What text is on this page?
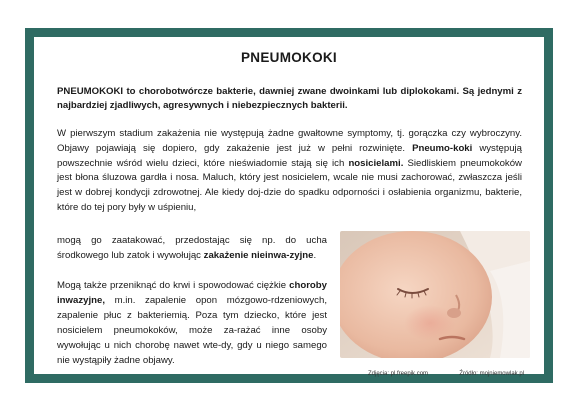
PNEUMOKOKI

PNEUMOKOKI to chorobotwórcze bakterie, dawniej zwane dwoinkami lub diplokokami. Są jednymi z najbardziej zjadliwych, agresywnych i niebezpiecznych bakterii.

W pierwszym stadium zakażenia nie występują żadne gwałtowne symptomy, tj. gorączka czy wybroczyny. Objawy pojawiają się dopiero, gdy zakażenie jest już w pełni rozwinięte. Pneumo-koki występują powszechnie wśród wielu dzieci, które nieświadomie stają się ich nosicielami. Siedliskiem pneumokoków jest błona śluzowa gardła i nosa. Maluch, który jest nosicielem, wcale nie musi zachorować, zwłaszcza jeśli jest w dobrej kondycji zdrowotnej. Ale kiedy doj-dzie do spadku odporności i osłabienia organizmu, bakterie, które do tej pory były w uśpieniu,

mogą go zaatakować, przedostając się np. do ucha środkowego lub zatok i wywołując zakażenie nieinwa-zyjne.

Mogą także przeniknąć do krwi i spowodować ciężkie choroby inwazyjne, m.in. zapalenie opon mózgowo-rdzeniowych, zapalenie płuc z bakteriemią. Poza tym dziecko, które jest nosicielem pneumokoków, może za-rażać inne osoby wywołując u nich chorobę nawet wte-dy, gdy u niego samego nie wystąpiły żadne objawy.

Zdjęcia: pl.freepik.com	Źródło: mojniemowlak.pl
